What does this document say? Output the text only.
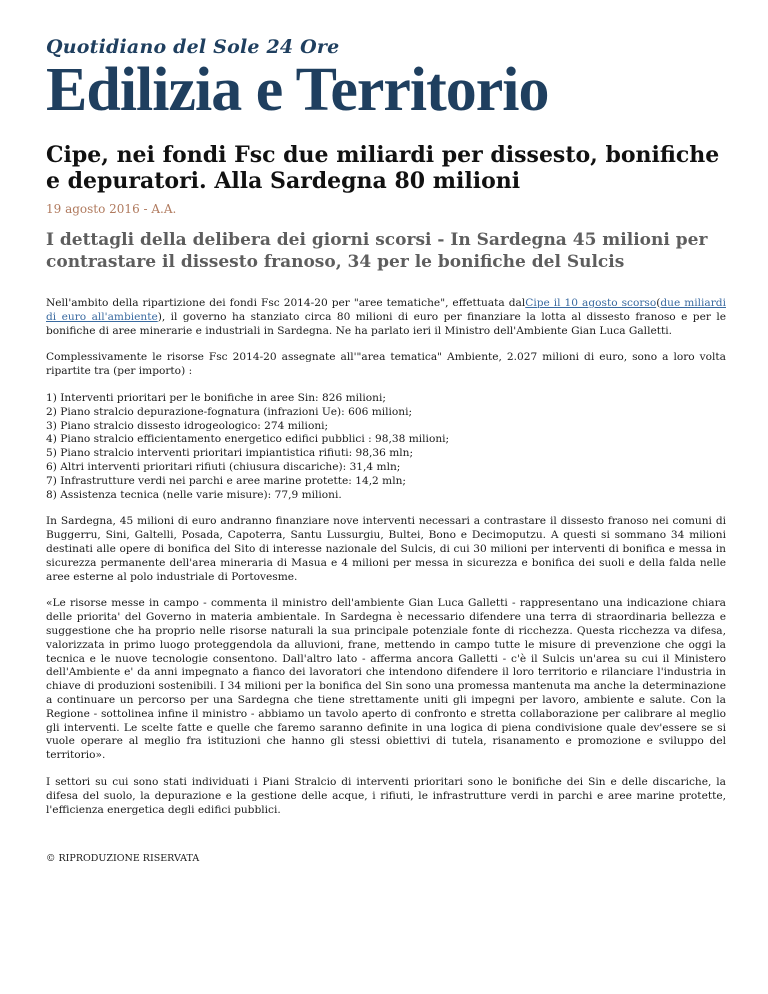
Quotidiano del Sole 24 Ore
Edilizia e Territorio
Cipe, nei fondi Fsc due miliardi per dissesto, bonifiche e depuratori. Alla Sardegna 80 milioni
19 agosto 2016 - A.A.
I dettagli della delibera dei giorni scorsi - In Sardegna 45 milioni per contrastare il dissesto franoso, 34 per le bonifiche del Sulcis

Nell'ambito della ripartizione dei fondi Fsc 2014-20 per "aree tematiche", effettuata dalCipe il 10 agosto scorso(due miliardi di euro all'ambiente), il governo ha stanziato circa 80 milioni di euro per finanziare la lotta al dissesto franoso e per le bonifiche di aree minerarie e industriali in Sardegna. Ne ha parlato ieri il Ministro dell'Ambiente Gian Luca Galletti.

Complessivamente le risorse Fsc 2014-20 assegnate all'"area tematica" Ambiente, 2.027 milioni di euro, sono a loro volta ripartite tra (per importo) :

1) Interventi prioritari per le bonifiche in aree Sin: 826 milioni;
2) Piano stralcio depurazione-fognatura (infrazioni Ue): 606 milioni;
3) Piano stralcio dissesto idrogeologico: 274 milioni;
4) Piano stralcio efficientamento energetico edifici pubblici : 98,38 milioni;
5) Piano stralcio interventi prioritari impiantistica rifiuti: 98,36 mln;
6) Altri interventi prioritari rifiuti (chiusura discariche): 31,4 mln;
7) Infrastrutture verdi nei parchi e aree marine protette: 14,2 mln;
8) Assistenza tecnica (nelle varie misure): 77,9 milioni.

In Sardegna, 45 milioni di euro andranno finanziare nove interventi necessari a contrastare il dissesto franoso nei comuni di Buggerru, Sini, Galtelli, Posada, Capoterra, Santu Lussurgiu, Bultei, Bono e Decimoputzu. A questi si sommano 34 milioni destinati alle opere di bonifica del Sito di interesse nazionale del Sulcis, di cui 30 milioni per interventi di bonifica e messa in sicurezza permanente dell'area mineraria di Masua e 4 milioni per messa in sicurezza e bonifica dei suoli e della falda nelle aree esterne al polo industriale di Portovesme.

«Le risorse messe in campo - commenta il ministro dell'ambiente Gian Luca Galletti - rappresentano una indicazione chiara delle priorita' del Governo in materia ambientale. In Sardegna è necessario difendere una terra di straordinaria bellezza e suggestione che ha proprio nelle risorse naturali la sua principale potenziale fonte di ricchezza. Questa ricchezza va difesa, valorizzata in primo luogo proteggendola da alluvioni, frane, mettendo in campo tutte le misure di prevenzione che oggi la tecnica e le nuove tecnologie consentono. Dall'altro lato - afferma ancora Galletti - c'è il Sulcis un'area su cui il Ministero dell'Ambiente e' da anni impegnato a fianco dei lavoratori che intendono difendere il loro territorio e rilanciare l'industria in chiave di produzioni sostenibili. I 34 milioni per la bonifica del Sin sono una promessa mantenuta ma anche la determinazione a continuare un percorso per una Sardegna che tiene strettamente uniti gli impegni per lavoro, ambiente e salute. Con la Regione - sottolinea infine il ministro - abbiamo un tavolo aperto di confronto e stretta collaborazione per calibrare al meglio gli interventi. Le scelte fatte e quelle che faremo saranno definite in una logica di piena condivisione quale dev'essere se si vuole operare al meglio fra istituzioni che hanno gli stessi obiettivi di tutela, risanamento e promozione e sviluppo del territorio».

I settori su cui sono stati individuati i Piani Stralcio di interventi prioritari sono le bonifiche dei Sin e delle discariche, la difesa del suolo, la depurazione e la gestione delle acque, i rifiuti, le infrastrutture verdi in parchi e aree marine protette, l'efficienza energetica degli edifici pubblici.

© RIPRODUZIONE RISERVATA
